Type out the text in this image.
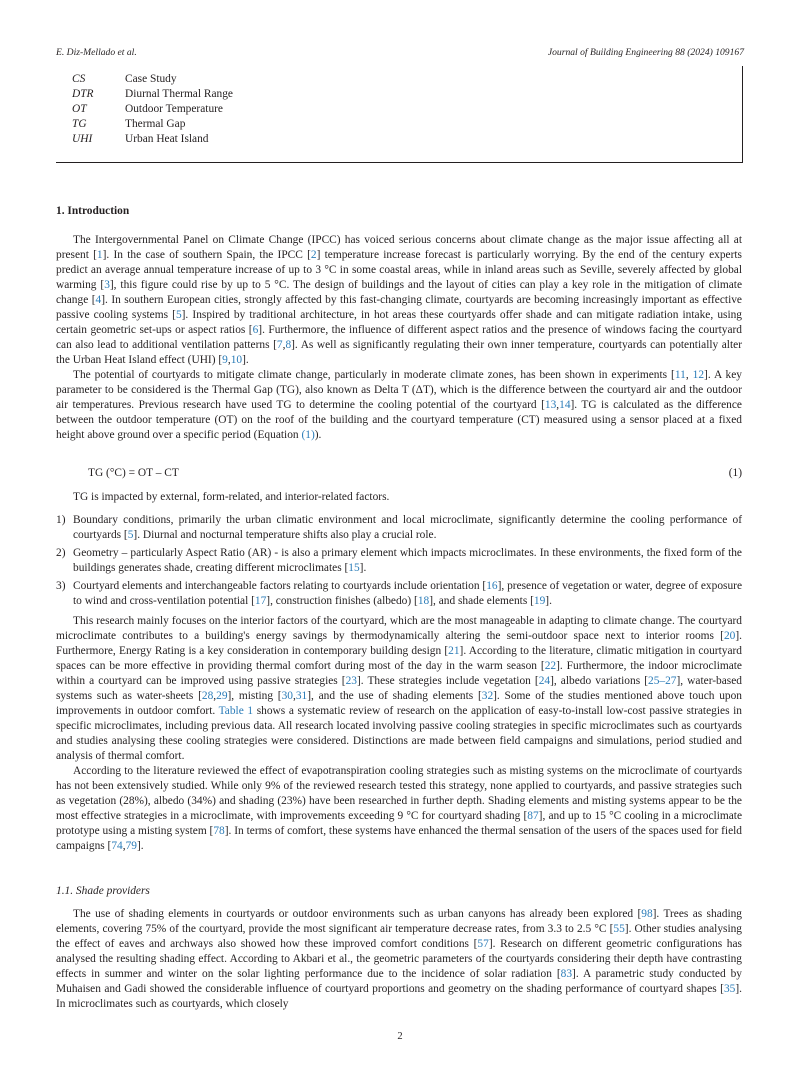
E. Diz-Mellado et al.	Journal of Building Engineering 88 (2024) 109167
CS	Case Study
DTR	Diurnal Thermal Range
OT	Outdoor Temperature
TG	Thermal Gap
UHI	Urban Heat Island
1. Introduction

The Intergovernmental Panel on Climate Change (IPCC) has voiced serious concerns about climate change as the major issue affecting all at present [1]. In the case of southern Spain, the IPCC [2] temperature increase forecast is particularly worrying. By the end of the century experts predict an average annual temperature increase of up to 3 °C in some coastal areas, while in inland areas such as Seville, severely affected by global warming [3], this figure could rise by up to 5 °C. The design of buildings and the layout of cities can play a key role in the mitigation of climate change [4]. In southern European cities, strongly affected by this fast-changing climate, courtyards are becoming increasingly important as effective passive cooling systems [5]. Inspired by traditional architecture, in hot areas these courtyards offer shade and can mitigate radiation intake, using certain geometric set-ups or aspect ratios [6]. Furthermore, the influence of different aspect ratios and the presence of windows facing the courtyard can also lead to additional ventilation patterns [7,8]. As well as significantly regulating their own inner temperature, courtyards can potentially alter the Urban Heat Island effect (UHI) [9,10].

The potential of courtyards to mitigate climate change, particularly in moderate climate zones, has been shown in experiments [11, 12]. A key parameter to be considered is the Thermal Gap (TG), also known as Delta T (ΔT), which is the difference between the courtyard air and the outdoor air temperatures. Previous research have used TG to determine the cooling potential of the courtyard [13,14]. TG is calculated as the difference between the outdoor temperature (OT) on the roof of the building and the courtyard temperature (CT) measured using a sensor placed at a fixed height above ground over a specific period (Equation (1)).

TG (°C) = OT – CT	(1)

TG is impacted by external, form-related, and interior-related factors.

1) Boundary conditions, primarily the urban climatic environment and local microclimate, significantly determine the cooling performance of courtyards [5]. Diurnal and nocturnal temperature shifts also play a crucial role.
2) Geometry – particularly Aspect Ratio (AR) - is also a primary element which impacts microclimates. In these environments, the fixed form of the buildings generates shade, creating different microclimates [15].
3) Courtyard elements and interchangeable factors relating to courtyards include orientation [16], presence of vegetation or water, degree of exposure to wind and cross-ventilation potential [17], construction finishes (albedo) [18], and shade elements [19].

This research mainly focuses on the interior factors of the courtyard, which are the most manageable in adapting to climate change. The courtyard microclimate contributes to a building's energy savings by thermodynamically altering the semi-outdoor space next to interior rooms [20]. Furthermore, Energy Rating is a key consideration in contemporary building design [21]. According to the literature, climatic mitigation in courtyard spaces can be more effective in providing thermal comfort during most of the day in the warm season [22]. Furthermore, the indoor microclimate within a courtyard can be improved using passive strategies [23]. These strategies include vegetation [24], albedo variations [25–27], water-based systems such as water-sheets [28,29], misting [30,31], and the use of shading elements [32]. Some of the studies mentioned above touch upon improvements in outdoor comfort. Table 1 shows a systematic review of research on the application of easy-to-install low-cost passive strategies in specific microclimates, including previous data. All research located involving passive cooling strategies in specific microclimates such as courtyards and studies analysing these cooling strategies were considered. Distinctions are made between field campaigns and simulations, period studied and analysis of thermal comfort.

According to the literature reviewed the effect of evapotranspiration cooling strategies such as misting systems on the microclimate of courtyards has not been extensively studied. While only 9% of the reviewed research tested this strategy, none applied to courtyards, and passive strategies such as vegetation (28%), albedo (34%) and shading (23%) have been researched in further depth. Shading elements and misting systems appear to be the most effective strategies in a microclimate, with improvements exceeding 9 °C for courtyard shading [87], and up to 15 °C cooling in a microclimate prototype using a misting system [78]. In terms of comfort, these systems have enhanced the thermal sensation of the users of the spaces used for field campaigns [74,79].

1.1. Shade providers

The use of shading elements in courtyards or outdoor environments such as urban canyons has already been explored [98]. Trees as shading elements, covering 75% of the courtyard, provide the most significant air temperature decrease rates, from 3.3 to 2.5 °C [55]. Other studies analysing the effect of eaves and archways also showed how these improved comfort conditions [57]. Research on different geometric configurations has analysed the resulting shading effect. According to Akbari et al., the geometric parameters of the courtyards considering their depth have contrasting effects in summer and winter on the solar lighting performance due to the incidence of solar radiation [83]. A parametric study conducted by Muhaisen and Gadi showed the considerable influence of courtyard proportions and geometry on the shading performance of courtyard shapes [35]. In microclimates such as courtyards, which closely

2
